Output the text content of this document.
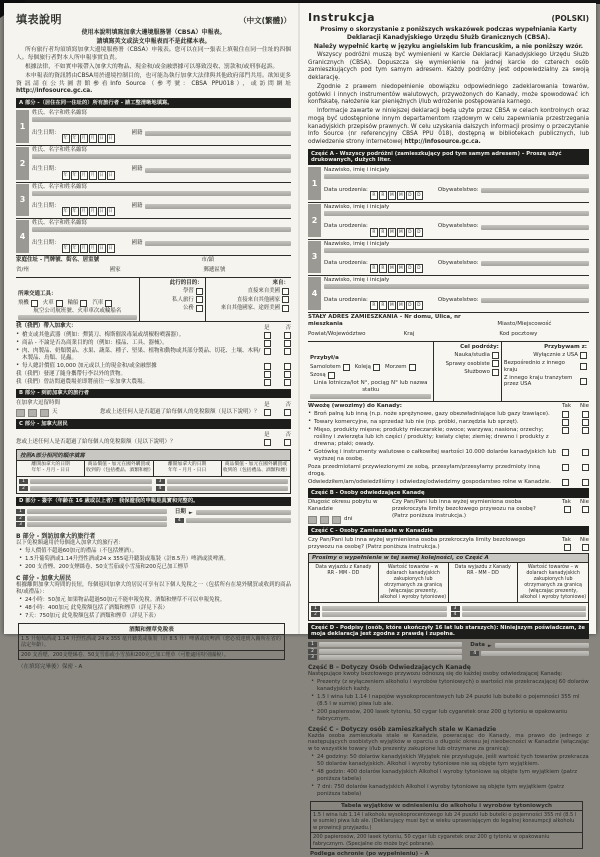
填表說明	（中文(繁體)）
使用本說明填寫加拿大邊境服務署（CBSA）申報表。
請填寫英文或法文申報表而不是此樣本表。
所有旅行者均須填寫加拿大邊境服務署（CBSA）申報表。您可以在同一張表上填報住在同一住址的四個人。每個旅行者對本人所申報事實負責。
根據法律，不如實申報帶入加拿大的物品、現金和/或金融票據可以導致沒收、罰款和/或刑事起訴。
本申報表的資訊將由CBSA用於邊境控制目的，也可能為執行加拿大法律與其他政府部門共用。欲知更多資訊請在公共圖書館參看Info Source（參考號：CBSA PPU018），或訪問網址 http://infosource.gc.ca.
A 部分 -（居住在同一住址的）所有旅行者 - 請工整清晰地填寫。
1
姓氏、名字和姓名縮寫
出生日期：
年 年 月 月 日 日
國籍
2
姓氏、名字和姓名縮寫
出生日期：
年 年 月 月 日 日
國籍
3
姓氏、名字和姓名縮寫
出生日期：
年 年 月 月 日 日
國籍
4
姓氏、名字和姓名縮寫
出生日期：
年 年 月 月 日 日
國籍
家庭住址 - 門牌號、街名、居室號	市/鎮
省/州	國家	郵遞區號
所乘交通工具：
飛機	火車	輪船	汽車
航空公司航班號、火車車次或輪船名
此行的目的：
學習
私人旅行
公務
來自：
直接來自美國
直接來自其他國家
來自其他國家、途經美國
我（我們）帶入加拿大：	是	否
• 槍支或其他武器（例如：彈簧刀、梅斯催淚毒氣或胡椒粉噴霧器）。
• 商品 - 不論是否為商業目的的（例如：樣品、工具、器械）。
• 肉、肉製品、奶類製品、水果、蔬菜、種子、堅果、植物和動物或其部分製品、切花、土壤、木料/木製品、鳥類、昆蟲。
• 每人總計價值 10,000 加元或以上的現金和/或金融票據
我（我們）發運了隨身攜帶行李以外的貨物。
我（我們）曾訪問過農場並即將前往一家加拿大農場。
B 部分 - 到訪加拿大的旅行者
在加拿大逗留時間	是	否
天	您或上述任何人是否超過了給每個人的免稅限額（見以下說明）？
C 部分 - 加拿大居民
是	否
您或上述任何人是否超過了給每個人的免稅限額（見以下說明）？
按照A部分相同的順序填寫
離開加拿大的日期
年年 - 月月 - 日日
商品價值 - 加元在國外購買或收到的（包括禮品、酒類和煙）
離開加拿大的日期
年年 - 月月 - 日日
商品價值 - 加元在國外購買或收到的（包括禮品、酒類和煙）
1
2
3
4
D 部分 - 簽字（年齡在 16 歲或以上者）：我保證我的申報是真實和完整的。
1
2
3
日期 ►
4
B 部分 - 到訪加拿大的旅行者
以下免稅額適用於每個進入加拿大的旅行者：
• 每人價值不超過60加元的禮品（不包括煙酒）。
• 1.5升葡萄酒或1.14升烈性酒或24 x 355毫升聽裝或瓶裝（計8.5升）啤酒或淡啤酒。
• 200 支香煙、200支煙絲卷、50支雪茄或小雪茄和200克已加工煙草
C 部分 - 加拿大居民
根據離開加拿大時間的長短，每個返回加拿大的居民可享有以下個人免稅之一（包括所有在境外購買或收到的商品和/或禮品）：
• 24小時：50加元 如果物品超過50加元不能申報免稅。酒類和煙草不可以申報免稅。
• 48小時：400加元 此免稅額包括了酒類和煙草（詳見下表）
• 7天：750加元 此免稅額包括了酒類和煙草（詳見下表）
酒類和煙草免稅表
1.5 升葡萄酒或 1.14 升烈性酒或 24 x 355 毫升聽裝或瓶裝（計 8.5 升）啤酒或淡啤酒（您必須達到入關所在省的法定年齡）。
200 支香煙、200支煙絲卷、50支雪茄或小雪茄和200克已加工煙草（可能適用特別國稅）。
（在填寫完畢後）保密 - A
Instrukcja	(POLSKI)
Prosimy o skorzystanie z poniższych wskazówek podczas wypełniania Karty Deklaracji Kanadyjskiego Urzędu Służb Granicznych (CBSA).
Należy wypełnić kartę w języku angielskim lub francuskim, a nie poniższy wzór.
Wszyscy podróżni muszą być wymienieni w Karcie Deklaracji Kanadyjskiego Urzędu Służb Granicznych (CBSA). Dopuszcza się wymienienie na jednej karcie do czterech osób zamieszkujących pod tym samym adresem. Każdy podróżny jest odpowiedzialny za swoją deklarację.
Zgodnie z prawem niedopełnienie obowiązku odpowiedniego zadeklarowania towarów, gotówki i innych instrumentów walutowych, przywożonych do Kanady, może spowodować ich konfiskatę, nałożenie kar pieniężnych i/lub wdrożenie postępowania karnego.
Informacje zawarte w niniejszej deklaracji będą użyte przez CBSA w celach kontrolnych oraz mogą być udostępnione innym departamentom rządowym w celu zapewniania przestrzegania kanadyjskich przepisów prawnych. W celu uzyskania dalszych informacji prosimy o przeczytanie Info Source (nr referencyjny CBSA PPU 018), dostępną w bibliotekach publicznych, lub odwiedzenie strony internetowej http://infosource.gc.ca.
Część A - Wszyscy podróżni (zamieszkujący pod tym samym adresem) – Proszę użyć drukowanych, dużych liter.
1
Nazwisko, imię i inicjały
Data urodzenia:
R R M M D D
Obywatelstwo:
2
Nazwisko, imię i inicjały
Data urodzenia:
R R M M D D
Obywatelstwo:
3
Nazwisko, imię i inicjały
Data urodzenia:
R R M M D D
Obywatelstwo:
4
Nazwisko, imię i inicjały
Data urodzenia:
R R M M D D
Obywatelstwo:
STAŁY ADRES ZAMIESZKANIA – Nr domu, Ulica, nr mieszkania	Miasto/Miejscowość
Powiat/Województwo	Kraj	Kod pocztowy
Przybył/a
Samolotem	Koleją	Morzem
Szosą
Linia lotnicza/lot N°, pociąg N° lub nazwa statku
Cel podróży:
Nauka/studia
Sprawy osobiste
Służbowo
Przybywam z:
Wyłącznie z USA
Bezpośrednio z innego kraju
Z innego kraju tranzytem przez USA
Wwożę (wwozimy) do Kanady:	Tak Nie
• Broń palną lub inną (n.p. noże sprężynowe, gazy obezwładniające lub gazy łzawiące).
• Towary komercyjne, na sprzedaż lub nie (np. próbki, narzędzia lub sprzęt).
• Mięso, produkty mięsne; produkty mleczarskie; owoce; warzywa; nasiona; orzechy; rośliny i zwierzęta lub ich części / produkty; kwiaty cięte; ziemię; drewno i produkty z drewna; ptaki; owady.
• Gotówkę i instrumenty walutowe o całkowitej wartości 10.000 dolarów kanadyjskich lub wyższej na osobę.
Poza przedmiotami przywiezionymi ze sobą, przesyłam/przesyłamy przedmioty inną drogą.
Odwiedziłem/am/odwiedziliśmy i odwiedzę/odwiedzimy gospodarstwo rolne w Kanadzie.
Część B - Osoby odwiedzające Kanadę
Długość okresu pobytu w Kanadzie
dni
Czy Pan/Pani lub inna wyżej wymieniona osoba przekroczyła limity bezcłowego przywozu na osobę? (Patrz poniższa instrukcja.)
Tak Nie
Część C - Osoby Zamieszkałe w Kanadzie
Czy Pan/Pani lub inna wyżej wymieniona osoba przekroczyła limity bezcłowego przywozu na osobę? (Patrz poniższa instrukcja.)
Tak Nie
Prosimy o wypełnienie w tej samej kolejności, co Część A
Data wyjazdu z Kanady
RR - MM - DD
Wartość towarów – w dolarach kanadyjskich zakupionych lub otrzymanych za granicą (włączając prezenty, alkohol i wyroby tytoniowe)
Data wyjazdu z Kanady
RR - MM - DD
Wartość towarów – w dolarach kanadyjskich zakupionych lub otrzymanych za granicą (włączając prezenty, alkohol i wyroby tytoniowe)
1
2
3
4
Część D - Podpisy (osób, które ukończyły 16 lat lub starszych): Niniejszym poświadczam, że moja deklaracja jest zgodna z prawdą i zupełna.
1
2
3
Data ►
4
Część B – Dotyczy Osób Odwiedzających Kanadę
Następujące kwoty bezcłowego przywozu odnoszą się do każdej osoby odwiedzającej Kanadę:
• Prezenty (z wyłączeniem alkoholu i wyrobów tytoniowych) o wartości nie przekraczającej 60 dolarów kanadyjskich każdy.
• 1.5 l wina lub 1.14 l napojów wysokoprocentowych lub 24 puszki lub butelki o pojemności 355 ml (8.5 l w sumie) piwa lub ale.
• 200 papierosów, 200 lasek tytoniu, 50 cygar lub cygaretek oraz 200 g tytoniu w opakowaniu fabrycznym.
Część C – Dotyczy osób zamieszkałych stale w Kanadzie
Każda osoba zamieszkała stale w Kanadzie, powracając do Kanady, ma prawo do jednego z następujących osobistych wyjątków w oparciu o długość okresu jej nieobecności w Kanadzie (włączając w to wszystkie towary i/lub prezenty zakupione lub otrzymane za granicą):
• 24 godziny: 50 dolarów kanadyjskich Wyjątek nie przysługuje, jeśli wartość tych towarów przekracza 50 dolarów kanadyjskich. Alkohol i wyroby tytoniowe nie są objęte tym wyjątkiem.
• 48 godzin: 400 dolarów kanadyjskich Alkohol i wyroby tytoniowe są objęte tym wyjątkiem (patrz poniższa tabela)
• 7 dni: 750 dolarów kanadyjskich Alkohol i wyroby tytoniowe są objęte tym wyjątkiem (patrz poniższa tabela)
Tabela wyjątków w odniesieniu do alkoholu i wyrobów tytoniowych
1.5 l wina lub 1.14 l alkoholu wysokoprocentowego lub 24 puszki lub butelki o pojemności 355 ml (8.5 l w sumie) piwa lub ale. (Deklarujący musi być w wieku uprawniającym do legalnej konsumpcji alkoholu w prowincji przyjazdu.)
200 papierosów, 200 lasek tytoniu, 50 cygar lub cygaretek oraz 200 g tytoniu w opakowaniu fabrycznym. (Specjalne cło może być pobrane).
Podlega ochronie (po wypełnieniu) – A
